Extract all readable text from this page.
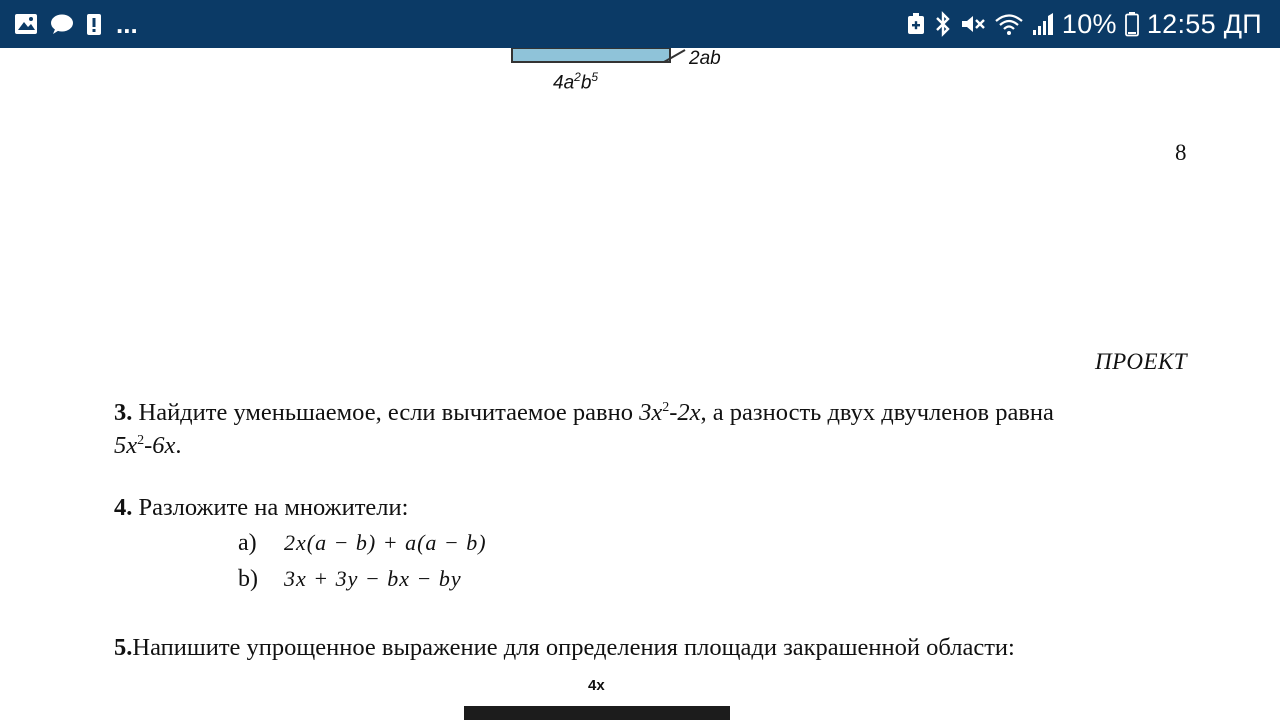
...	10% 12:55 ДП
2ab
$4a^2b^5$
8
ПРОЕКТ
3. Найдите уменьшаемое, если вычитаемое равно $3x^2-2x$, а разность двух двучленов равна
$5x^2-6x$.
4. Разложите на множители:
a)	2x(a − b) + a(a − b)
b) 3x + 3y − bx − by
5.Напишите упрощенное выражение для определения площади закрашенной области:
4x
